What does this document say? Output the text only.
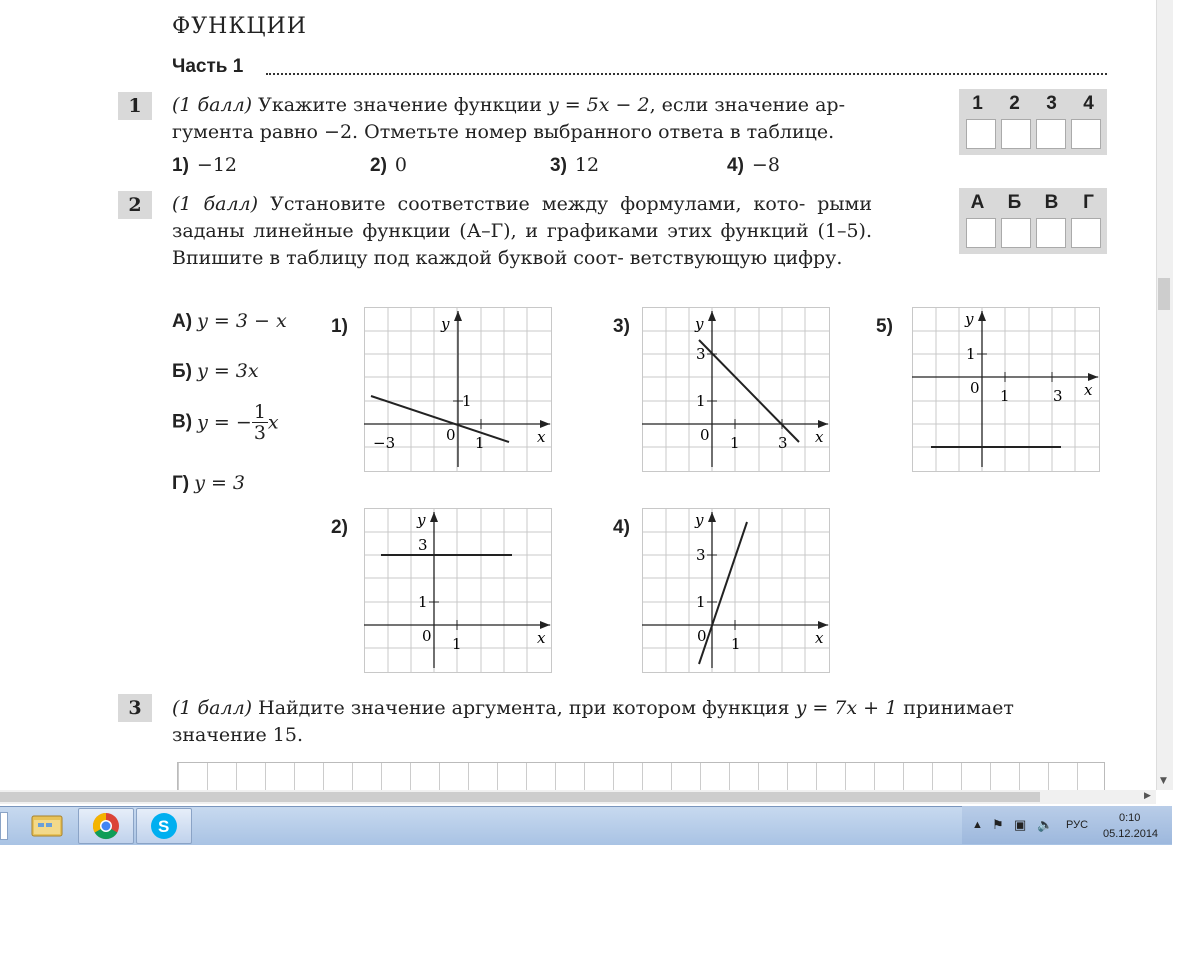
ФУНКЦИИ
Часть 1
1	(1 балл) Укажите значение функции y = 5x − 2, если значение ар-
гумента равно −2. Отметьте номер выбранного ответа в таблице.
1) −12	2) 0	3) 12	4) −8
1	2	3	4
2	(1 балл) Установите соответствие между формулами, кото- рыми заданы линейные функции (А–Г), и графиками этих функций (1–5). Впишите в таблицу под каждой буквой соот- ветствующую цифру.
А	Б	В	Г
А) y = 3 − x
Б) y = 3x
В) y = − $\frac{1}{3}$ x
Г) y = 3
1)
2)
3)
4)
5)
y
x
0
1
1
−3
y
x
0
1
3
1	3
y
x
0
1
1	3
y
x
0
1
3
1
y
x
0
1
3
1
3	(1 балл) Найдите значение аргумента, при котором функция y = 7x + 1 принимает
значение 15.
▼
▶
S	▲ ⚑ ▣ 🔈 РУС
0:10
05.12.2014
